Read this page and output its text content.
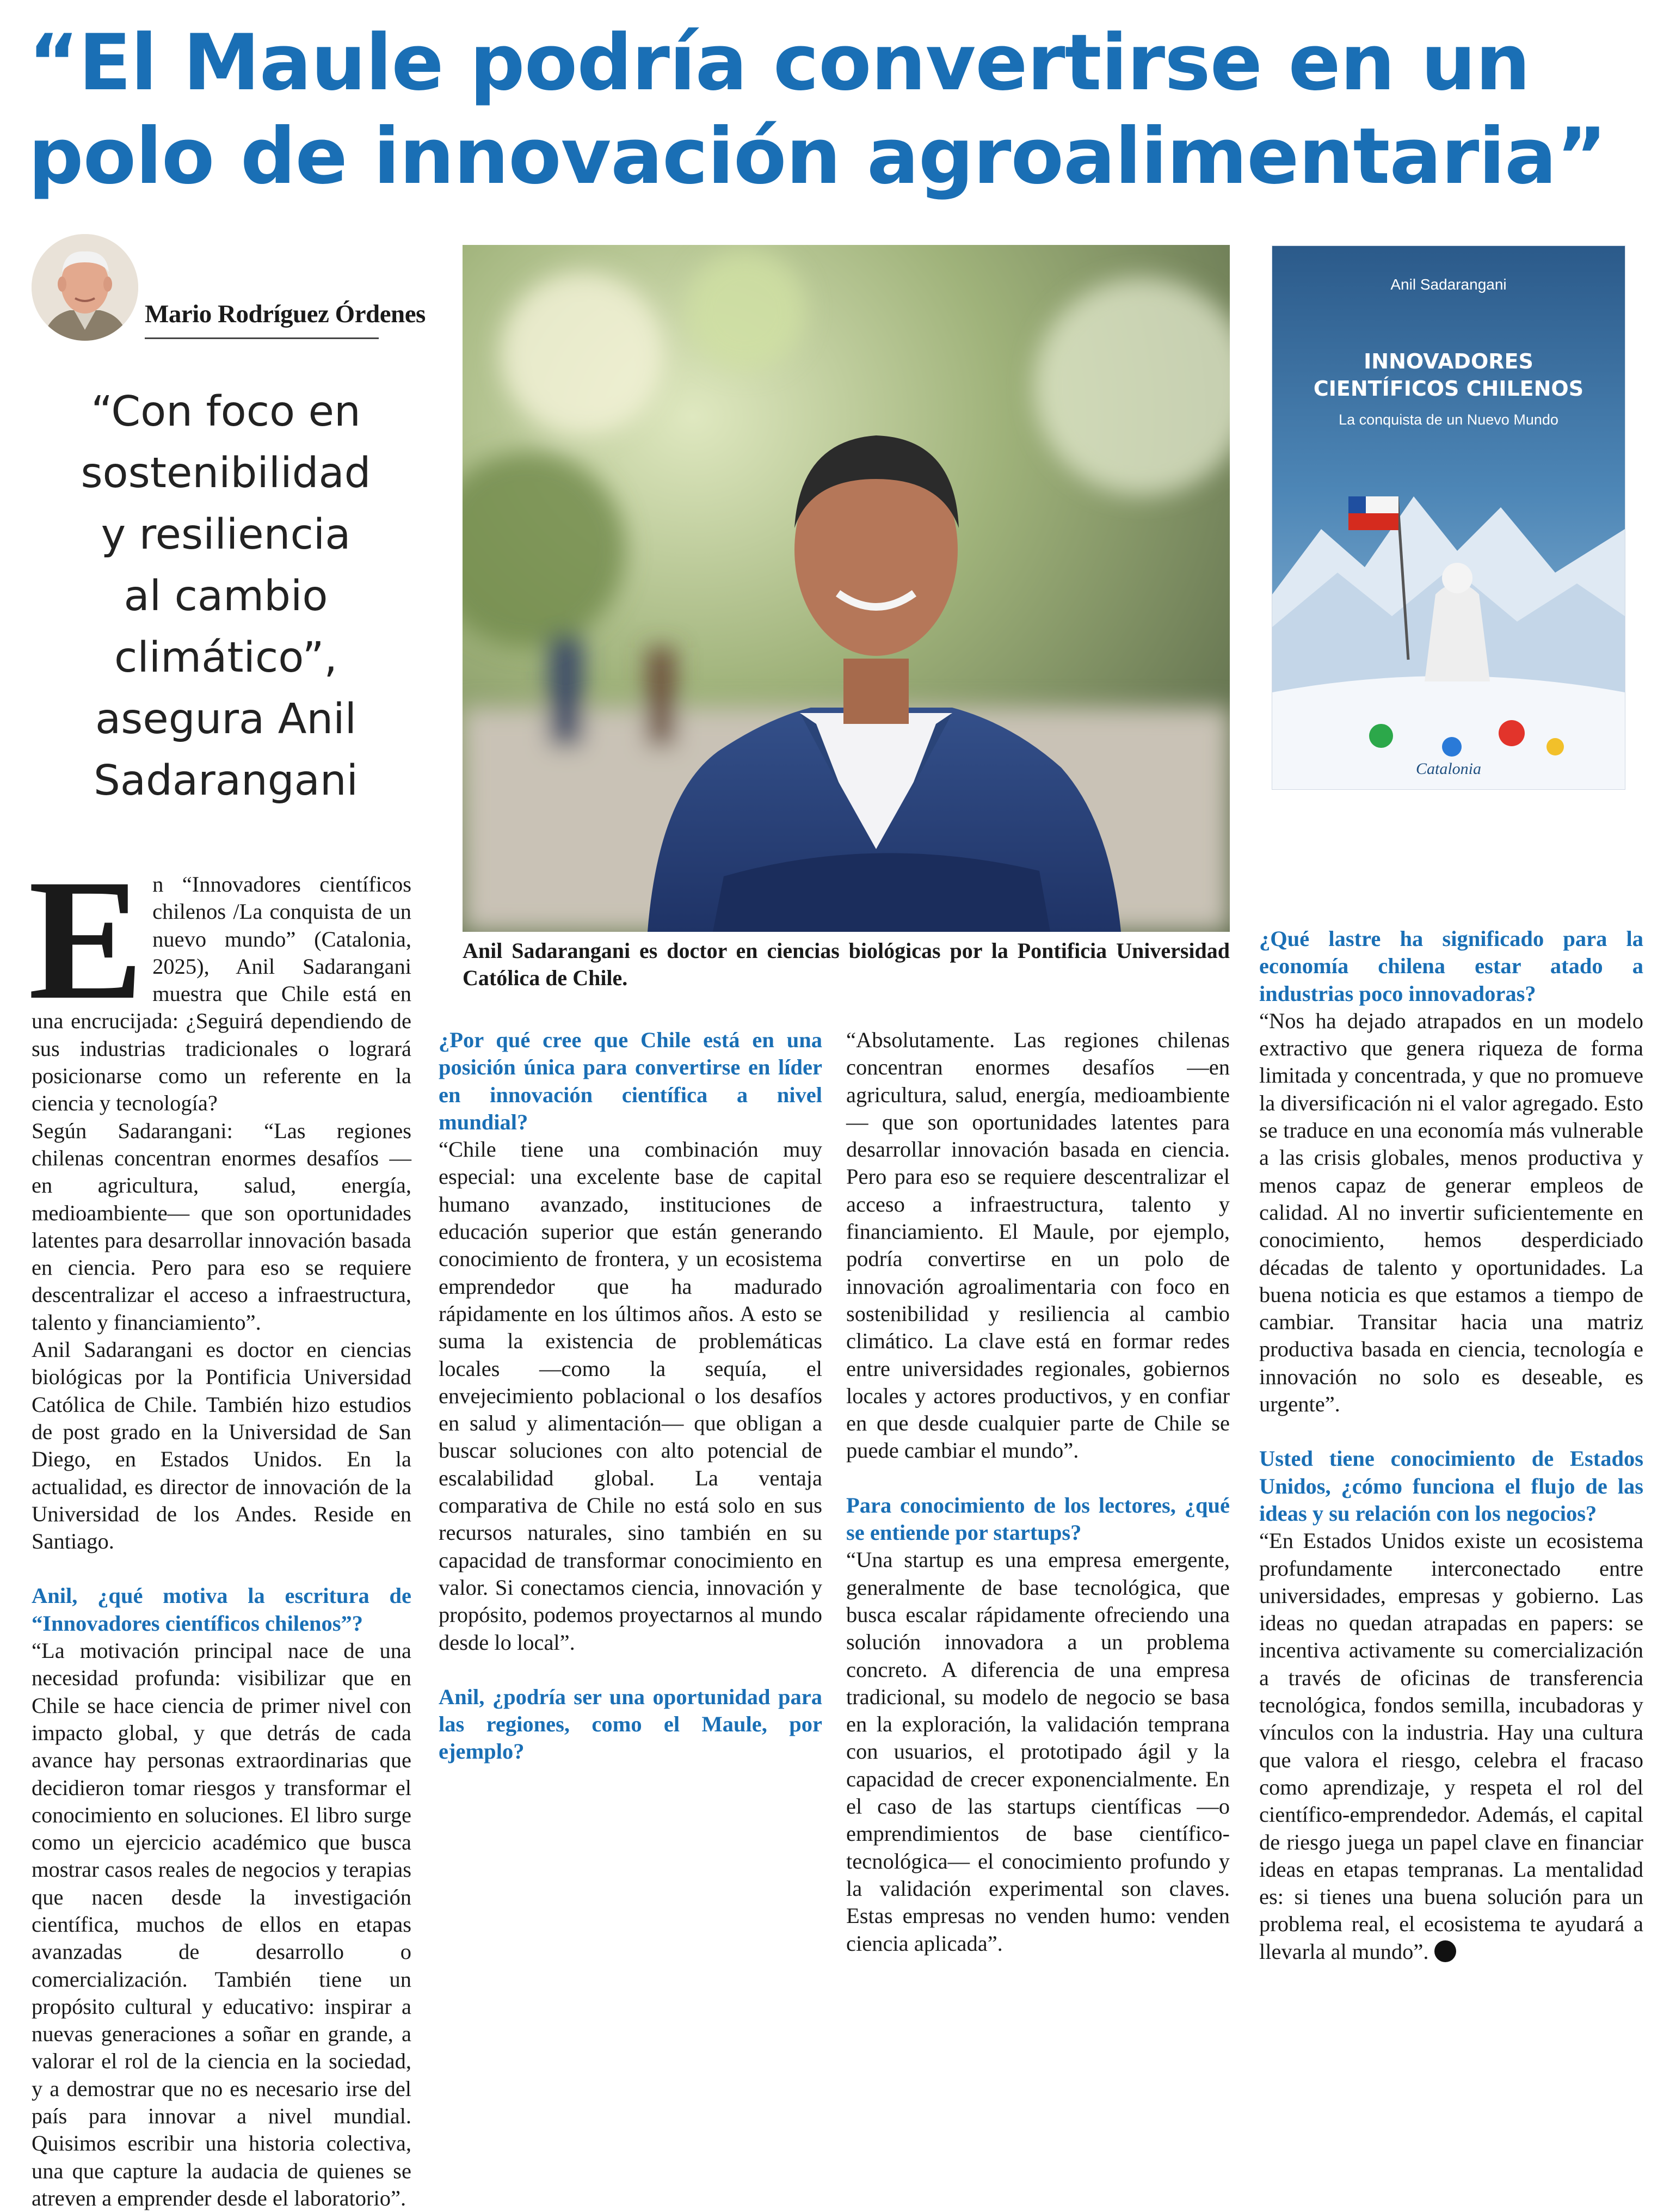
“El Maule podría convertirse en un
polo de innovación agroalimentaria”
Mario Rodríguez Órdenes
“Con foco en
sostenibilidad
y resiliencia
al cambio
climático”,
asegura Anil
Sadarangani
Anil Sadarangani es doctor en ciencias biológicas por la Pontificia Universidad Católica de Chile.
Anil Sadarangani
INNOVADORES
CIENTÍFICOS CHILENOS
La conquista de un Nuevo Mundo
Catalonia

En “Innovadores científicos chilenos /La conquista de un nuevo mundo” (Catalonia, 2025), Anil Sadarangani muestra que Chile está en una encrucijada: ¿Seguirá dependiendo de sus industrias tradicionales o logrará posicionarse como un referente en la ciencia y tecnología?

Según Sadarangani: “Las regiones chilenas concentran enormes desafíos —en agricultura, salud, energía, medioambiente— que son oportunidades latentes para desarrollar innovación basada en ciencia. Pero para eso se requiere descentralizar el acceso a infraestructura, talento y financiamiento”.

Anil Sadarangani es doctor en ciencias biológicas por la Pontificia Universidad Católica de Chile. También hizo estudios de post grado en la Universidad de San Diego, en Estados Unidos. En la actualidad, es director de innovación de la Universidad de los Andes. Reside en Santiago.

Anil, ¿qué motiva la escritura de “Innovadores científicos chilenos”?

“La motivación principal nace de una necesidad profunda: visibilizar que en Chile se hace ciencia de primer nivel con impacto global, y que detrás de cada avance hay personas extraordinarias que decidieron tomar riesgos y transformar el conocimiento en soluciones. El libro surge como un ejercicio académico que busca mostrar casos reales de negocios y terapias que nacen desde la investigación científica, muchos de ellos en etapas avanzadas de desarrollo o comercialización. También tiene un propósito cultural y educativo: inspirar a nuevas generaciones a soñar en grande, a valorar el rol de la ciencia en la sociedad, y a demostrar que no es necesario irse del país para innovar a nivel mundial. Quisimos escribir una historia colectiva, una que capture la audacia de quienes se atreven a emprender desde el laboratorio”.

¿Por qué cree que Chile está en una posición única para convertirse en líder en innovación científica a nivel mundial?

“Chile tiene una combinación muy especial: una excelente base de capital humano avanzado, instituciones de educación superior que están generando conocimiento de frontera, y un ecosistema emprendedor que ha madurado rápidamente en los últimos años. A esto se suma la existencia de problemáticas locales —como la sequía, el envejecimiento poblacional o los desafíos en salud y alimentación— que obligan a buscar soluciones con alto potencial de escalabilidad global. La ventaja comparativa de Chile no está solo en sus recursos naturales, sino también en su capacidad de transformar conocimiento en valor. Si conectamos ciencia, innovación y propósito, podemos proyectarnos al mundo desde lo local”.

Anil, ¿podría ser una oportunidad para las regiones, como el Maule, por ejemplo?

“Absolutamente. Las regiones chilenas concentran enormes desafíos —en agricultura, salud, energía, medioambiente— que son oportunidades latentes para desarrollar innovación basada en ciencia. Pero para eso se requiere descentralizar el acceso a infraestructura, talento y financiamiento. El Maule, por ejemplo, podría convertirse en un polo de innovación agroalimentaria con foco en sostenibilidad y resiliencia al cambio climático. La clave está en formar redes entre universidades regionales, gobiernos locales y actores productivos, y en confiar en que desde cualquier parte de Chile se puede cambiar el mundo”.

Para conocimiento de los lectores, ¿qué se entiende por startups?

“Una startup es una empresa emergente, generalmente de base tecnológica, que busca escalar rápidamente ofreciendo una solución innovadora a un problema concreto. A diferencia de una empresa tradicional, su modelo de negocio se basa en la exploración, la validación temprana con usuarios, el prototipado ágil y la capacidad de crecer exponencialmente. En el caso de las startups científicas —o emprendimientos de base científico-tecnológica— el conocimiento profundo y la validación experimental son claves. Estas empresas no venden humo: venden ciencia aplicada”.

¿Qué lastre ha significado para la economía chilena estar atado a industrias poco innovadoras?

“Nos ha dejado atrapados en un modelo extractivo que genera riqueza de forma limitada y concentrada, y que no promueve la diversificación ni el valor agregado. Esto se traduce en una economía más vulnerable a las crisis globales, menos productiva y menos capaz de generar empleos de calidad. Al no invertir suficientemente en conocimiento, hemos desperdiciado décadas de talento y oportunidades. La buena noticia es que estamos a tiempo de cambiar. Transitar hacia una matriz productiva basada en ciencia, tecnología e innovación no solo es deseable, es urgente”.

Usted tiene conocimiento de Estados Unidos, ¿cómo funciona el flujo de las ideas y su relación con los negocios?

“En Estados Unidos existe un ecosistema profundamente interconectado entre universidades, empresas y gobierno. Las ideas no quedan atrapadas en papers: se incentiva activamente su comercialización a través de oficinas de transferencia tecnológica, fondos semilla, incubadoras y vínculos con la industria. Hay una cultura que valora el riesgo, celebra el fracaso como aprendizaje, y respeta el rol del científico-emprendedor. Además, el capital de riesgo juega un papel clave en financiar ideas en etapas tempranas. La mentalidad es: si tienes una buena solución para un problema real, el ecosistema te ayudará a llevarla al mundo”.
